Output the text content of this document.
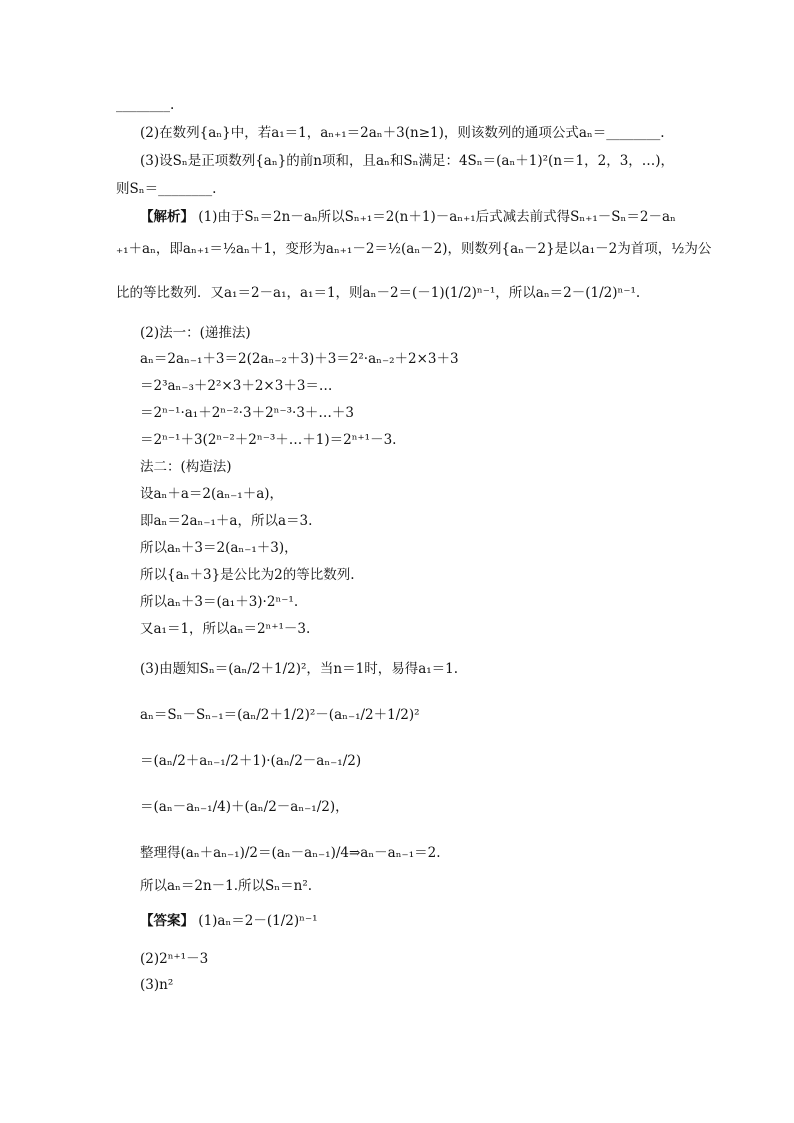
________.
(2)在数列{aₙ}中，若a₁＝1，aₙ₊₁＝2aₙ＋3(n≥1)，则该数列的通项公式aₙ＝________.
(3)设Sₙ是正项数列{aₙ}的前n项和，且aₙ和Sₙ满足：4Sₙ＝(aₙ＋1)²(n＝1，2，3，…)，
则Sₙ＝________.
【解析】 (1)由于Sₙ＝2n－aₙ所以Sₙ₊₁＝2(n＋1)－aₙ₊₁后式减去前式得Sₙ₊₁－Sₙ＝2－aₙ
₊₁＋aₙ，即aₙ₊₁＝½aₙ＋1，变形为aₙ₊₁－2＝½(aₙ－2)，则数列{aₙ－2}是以a₁－2为首项，½为公
比的等比数列．又a₁＝2－a₁，a₁＝1，则aₙ－2＝(－1)(1/2)ⁿ⁻¹，所以aₙ＝2－(1/2)ⁿ⁻¹.
(2)法一：(递推法)
aₙ＝2aₙ₋₁＋3＝2(2aₙ₋₂＋3)＋3＝2²·aₙ₋₂＋2×3＋3
＝2³aₙ₋₃＋2²×3＋2×3＋3＝…
＝2ⁿ⁻¹·a₁＋2ⁿ⁻²·3＋2ⁿ⁻³·3＋…＋3
＝2ⁿ⁻¹＋3(2ⁿ⁻²＋2ⁿ⁻³＋…＋1)＝2ⁿ⁺¹－3.
法二：(构造法)
设aₙ＋a＝2(aₙ₋₁＋a)，
即aₙ＝2aₙ₋₁＋a，所以a＝3.
所以aₙ＋3＝2(aₙ₋₁＋3)，
所以{aₙ＋3}是公比为2的等比数列.
所以aₙ＋3＝(a₁＋3)·2ⁿ⁻¹.
又a₁＝1，所以aₙ＝2ⁿ⁺¹－3.
(3)由题知Sₙ＝(aₙ/2＋1/2)²，当n＝1时，易得a₁＝1.
aₙ＝Sₙ－Sₙ₋₁＝(aₙ/2＋1/2)²－(aₙ₋₁/2＋1/2)²
＝(aₙ/2＋aₙ₋₁/2＋1)·(aₙ/2－aₙ₋₁/2)
＝(aₙ－aₙ₋₁/4)＋(aₙ/2－aₙ₋₁/2)，
整理得(aₙ＋aₙ₋₁)/2＝(aₙ－aₙ₋₁)/4⇒aₙ－aₙ₋₁＝2.
所以aₙ＝2n－1.所以Sₙ＝n².
【答案】 (1)aₙ＝2－(1/2)ⁿ⁻¹
(2)2ⁿ⁺¹－3
(3)n²
